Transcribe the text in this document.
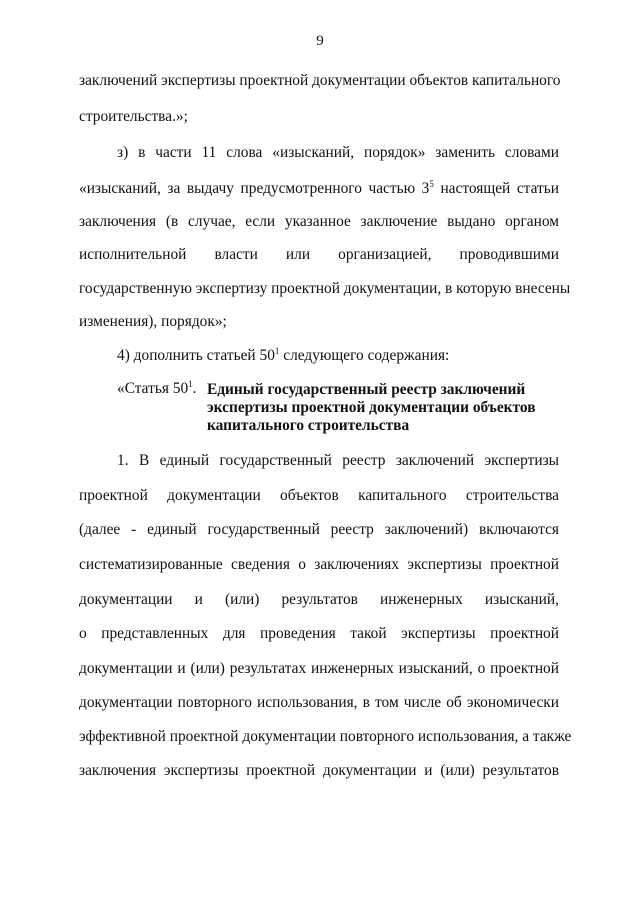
9
заключений экспертизы проектной документации объектов капитального
строительства.»;
з) в части 11 слова «изысканий, порядок» заменить словами
«изысканий, за выдачу предусмотренного частью $3^5$ настоящей статьи
заключения (в случае, если указанное заключение выдано органом
исполнительной власти или организацией, проводившими
государственную экспертизу проектной документации, в которую внесены
изменения), порядок»;
4) дополнить статьей $50^1$ следующего содержания:
«Статья $50^1$. Единый государственный реестр заключений
экспертизы проектной документации объектов
капитального строительства
1. В единый государственный реестр заключений экспертизы
проектной документации объектов капитального строительства
(далее - единый государственный реестр заключений) включаются
систематизированные сведения о заключениях экспертизы проектной
документации и (или) результатов инженерных изысканий,
о представленных для проведения такой экспертизы проектной
документации и (или) результатах инженерных изысканий, о проектной
документации повторного использования, в том числе об экономически
эффективной проектной документации повторного использования, а также
заключения экспертизы проектной документации и (или) результатов
